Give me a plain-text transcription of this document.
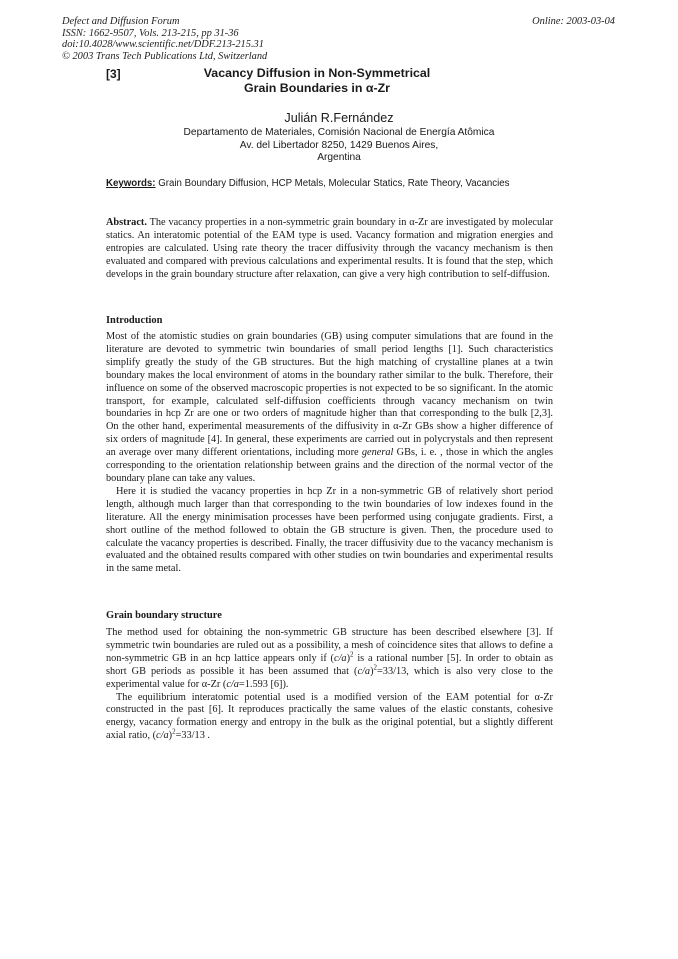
Defect and Diffusion Forum
ISSN: 1662-9507, Vols. 213-215, pp 31-36
doi:10.4028/www.scientific.net/DDF.213-215.31
© 2003 Trans Tech Publications Ltd, Switzerland
Online: 2003-03-04
[3]	Vacancy Diffusion in Non-Symmetrical
Grain Boundaries in α-Zr
Julián R.Fernández
Departamento de Materiales, Comisión Nacional de Energía Atômica
Av. del Libertador 8250, 1429 Buenos Aires,
Argentina
Keywords: Grain Boundary Diffusion, HCP Metals, Molecular Statics, Rate Theory, Vacancies

Abstract. The vacancy properties in a non-symmetric grain boundary in α-Zr are investigated by molecular statics. An interatomic potential of the EAM type is used. Vacancy formation and migration energies and entropies are calculated. Using rate theory the tracer diffusivity through the vacancy mechanism is then evaluated and compared with previous calculations and experimental results. It is found that the step, which develops in the grain boundary structure after relaxation, can give a very high contribution to self-diffusion.

Introduction

Most of the atomistic studies on grain boundaries (GB) using computer simulations that are found in the literature are devoted to symmetric twin boundaries of small period lengths [1]. Such characteristics simplify greatly the study of the GB structures. But the high matching of crystalline planes at a twin boundary makes the local environment of atoms in the boundary rather similar to the bulk. Therefore, their influence on some of the observed macroscopic properties is not expected to be so significant. In the atomic transport, for example, calculated self-diffusion coefficients through vacancy mechanism on twin boundaries in hcp Zr are one or two orders of magnitude higher than that corresponding to the bulk [2,3]. On the other hand, experimental measurements of the diffusivity in α-Zr GBs show a higher difference of six orders of magnitude [4]. In general, these experiments are carried out in polycrystals and then represent an average over many different orientations, including more general GBs, i. e. , those in which the angles corresponding to the orientation relationship between grains and the direction of the normal vector of the boundary plane can take any values.

Here it is studied the vacancy properties in hcp Zr in a non-symmetric GB of relatively short period length, although much larger than that corresponding to the twin boundaries of low indexes found in the literature. All the energy minimisation processes have been performed using conjugate gradients. First, a short outline of the method followed to obtain the GB structure is given. Then, the procedure used to calculate the vacancy properties is described. Finally, the tracer diffusivity due to the vacancy mechanism is evaluated and the obtained results compared with other studies on twin boundaries and experimental results in the same metal.

Grain boundary structure

The method used for obtaining the non-symmetric GB structure has been described elsewhere [3]. If symmetric twin boundaries are ruled out as a possibility, a mesh of coincidence sites that allows to define a non-symmetric GB in an hcp lattice appears only if $(c/a)^2$ is a rational number [5]. In order to obtain as short GB periods as possible it has been assumed that $(c/a)^2=33/13$, which is also very close to the experimental value for α-Zr (c/a=1.593 [6]).

The equilibrium interatomic potential used is a modified version of the EAM potential for α-Zr constructed in the past [6]. It reproduces practically the same values of the elastic constants, cohesive energy, vacancy formation energy and entropy in the bulk as the original potential, but a slightly different axial ratio, $(c/a)^2=33/13$ .
